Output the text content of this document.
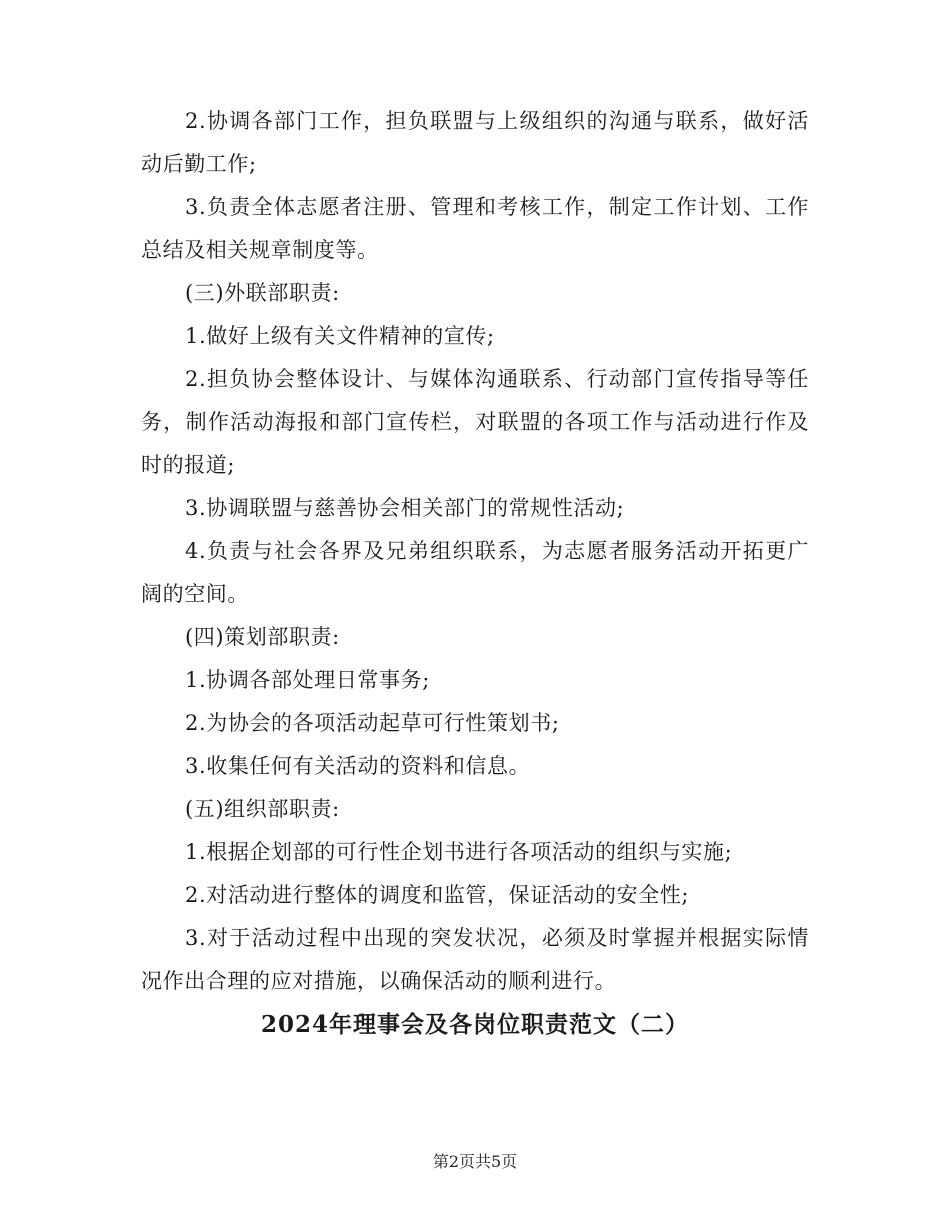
2.协调各部门工作，担负联盟与上级组织的沟通与联系，做好活动后勤工作;

3.负责全体志愿者注册、管理和考核工作，制定工作计划、工作总结及相关规章制度等。

(三)外联部职责:

1.做好上级有关文件精神的宣传;

2.担负协会整体设计、与媒体沟通联系、行动部门宣传指导等任务，制作活动海报和部门宣传栏，对联盟的各项工作与活动进行作及时的报道;

3.协调联盟与慈善协会相关部门的常规性活动;

4.负责与社会各界及兄弟组织联系，为志愿者服务活动开拓更广阔的空间。

(四)策划部职责:

1.协调各部处理日常事务;

2.为协会的各项活动起草可行性策划书;

3.收集任何有关活动的资料和信息。

(五)组织部职责:

1.根据企划部的可行性企划书进行各项活动的组织与实施;

2.对活动进行整体的调度和监管，保证活动的安全性;

3.对于活动过程中出现的突发状况，必须及时掌握并根据实际情况作出合理的应对措施，以确保活动的顺利进行。

2024年理事会及各岗位职责范文（二）
第2页共5页
